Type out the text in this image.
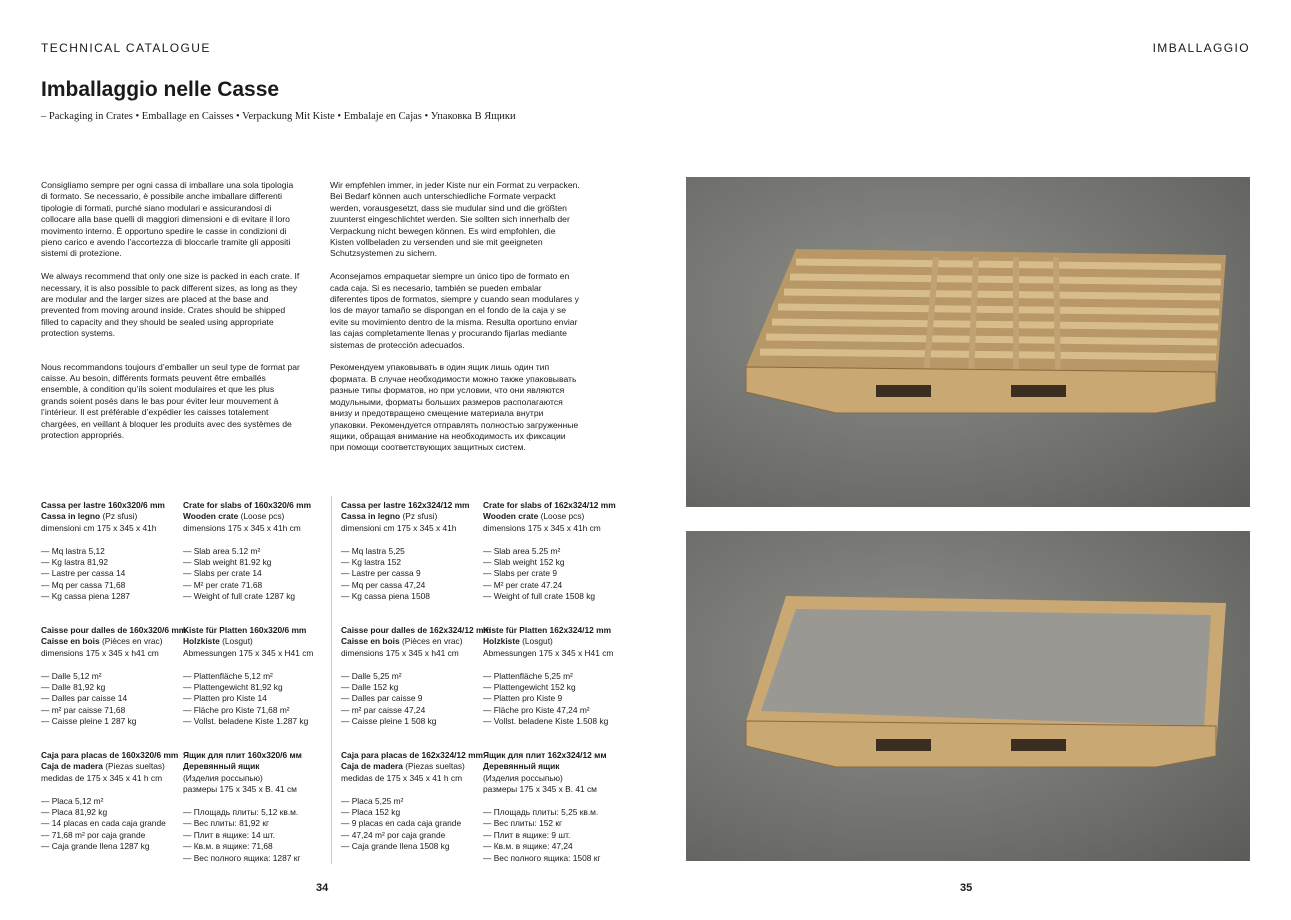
TECHNICAL CATALOGUE	IMBALLAGGIO
Imballaggio nelle Casse
– Packaging in Crates • Emballage en Caisses • Verpackung Mit Kiste • Embalaje en Cajas • Упаковка В Ящики

Consigliamo sempre per ogni cassa di imballare una sola tipologia di formato. Se necessario, è possibile anche imballare differenti tipologie di formati, purché siano modulari e assicurandosi di collocare alla base quelli di maggiori dimensioni e di evitare il loro movimento interno. È opportuno spedire le casse in condizioni di pieno carico e avendo l’accortezza di bloccarle tramite gli appositi sistemi di protezione.

We always recommend that only one size is packed in each crate. If necessary, it is also possible to pack different sizes, as long as they are modular and the larger sizes are placed at the base and prevented from moving around inside. Crates should be shipped filled to capacity and they should be sealed using appropriate protection systems.

Nous recommandons toujours d’emballer un seul type de format par caisse. Au besoin, différents formats peuvent être emballés ensemble, à condition qu’ils soient modulaires et que les plus grands soient posés dans le bas pour éviter leur mouvement à l’intérieur. Il est préférable d’expédier les caisses totalement chargées, en veillant à bloquer les produits avec des systèmes de protection appropriés.

Wir empfehlen immer, in jeder Kiste nur ein Format zu verpacken. Bei Bedarf können auch unterschiedliche Formate verpackt werden, vorausgesetzt, dass sie mudular sind und die größten zuunterst eingeschlichtet werden. Sie sollten sich innerhalb der Verpackung nicht bewegen können. Es wird empfohlen, die Kisten vollbeladen zu versenden und sie mit geeigneten Schutzsystemen zu sichern.

Aconsejamos empaquetar siempre un único tipo de formato en cada caja. Si es necesario, también se pueden embalar diferentes tipos de formatos, siempre y cuando sean modulares y los de mayor tamaño se dispongan en el fondo de la caja y se evite su movimiento dentro de la misma. Resulta oportuno enviar las cajas completamente llenas y procurando fijarlas mediante sistemas de protección adecuados.

Рекомендуем упаковывать в один ящик лишь один тип формата. В случае необходимости можно также упаковывать разные типы форматов, но при условии, что они являются модульными, форматы больших размеров располагаются внизу и предотвращено смещение материала внутри упаковки. Рекомендуется отправлять полностью загруженные ящики, обращая внимание на необходимость их фиксации при помощи соответствующих защитных систем.

Cassa per lastre 160x320/6 mm
Cassa in legno (Pz sfusi)
dimensioni cm 175 x 345 x 41h
— Mq lastra 5,12
— Kg lastra 81,92
— Lastre per cassa 14
— Mq per cassa 71,68
— Kg cassa piena 1287
Crate for slabs of 160x320/6 mm
Wooden crate (Loose pcs)
dimensions 175 x 345 x 41h cm
— Slab area 5.12 m²
— Slab weight 81.92 kg
— Slabs per crate 14
— M² per crate 71.68
— Weight of full crate 1287 kg
Cassa per lastre 162x324/12 mm
Cassa in legno (Pz sfusi)
dimensioni cm 175 x 345 x 41h
— Mq lastra 5,25
— Kg lastra 152
— Lastre per cassa 9
— Mq per cassa 47,24
— Kg cassa piena 1508
Crate for slabs of 162x324/12 mm
Wooden crate (Loose pcs)
dimensions 175 x 345 x 41h cm
— Slab area 5.25 m²
— Slab weight 152 kg
— Slabs per crate 9
— M² per crate 47.24
— Weight of full crate 1508 kg
Caisse pour dalles de 160x320/6 mm
Caisse en bois (Pièces en vrac)
dimensions 175 x 345 x h41 cm
— Dalle 5,12 m²
— Dalle 81,92 kg
— Dalles par caisse 14
— m² par caisse 71,68
— Caisse pleine 1 287 kg
Kiste für Platten 160x320/6 mm
Holzkiste (Losgut)
Abmessungen 175 x 345 x H41 cm
— Plattenfläche 5,12 m²
— Plattengewicht 81,92 kg
— Platten pro Kiste 14
— Fläche pro Kiste 71,68 m²
— Vollst. beladene Kiste 1.287 kg
Caisse pour dalles de 162x324/12 mm
Caisse en bois (Pièces en vrac)
dimensions 175 x 345 x h41 cm
— Dalle 5,25 m²
— Dalle 152 kg
— Dalles par caisse 9
— m² par caisse 47,24
— Caisse pleine 1 508 kg
Kiste für Platten 162x324/12 mm
Holzkiste (Losgut)
Abmessungen 175 x 345 x H41 cm
— Plattenfläche 5,25 m²
— Plattengewicht 152 kg
— Platten pro Kiste 9
— Fläche pro Kiste 47,24 m²
— Vollst. beladene Kiste 1.508 kg
Caja para placas de 160x320/6 mm
Caja de madera (Piezas sueltas)
medidas de 175 x 345 x 41 h cm
— Placa 5,12 m²
— Placa 81,92 kg
— 14 placas en cada caja grande
— 71,68 m² por caja grande
— Caja grande llena 1287 kg
Ящик для плит 160x320/6 мм
Деревянный ящик
(Изделия россыпью)
размеры 175 x 345 x В. 41 см
— Площадь плиты: 5,12 кв.м.
— Вес плиты: 81,92 кг
— Плит в ящике: 14 шт.
— Кв.м. в ящике: 71,68
— Вес полного ящика: 1287 кг
Caja para placas de 162x324/12 mm
Caja de madera (Piezas sueltas)
medidas de 175 x 345 x 41 h cm
— Placa 5,25 m²
— Placa 152 kg
— 9 placas en cada caja grande
— 47,24 m² por caja grande
— Caja grande llena 1508 kg
Ящик для плит 162x324/12 мм
Деревянный ящик
(Изделия россыпью)
размеры 175 x 345 x В. 41 см
— Площадь плиты: 5,25 кв.м.
— Вес плиты: 152 кг
— Плит в ящике: 9 шт.
— Кв.м. в ящике: 47,24
— Вес полного ящика: 1508 кг
34	35
